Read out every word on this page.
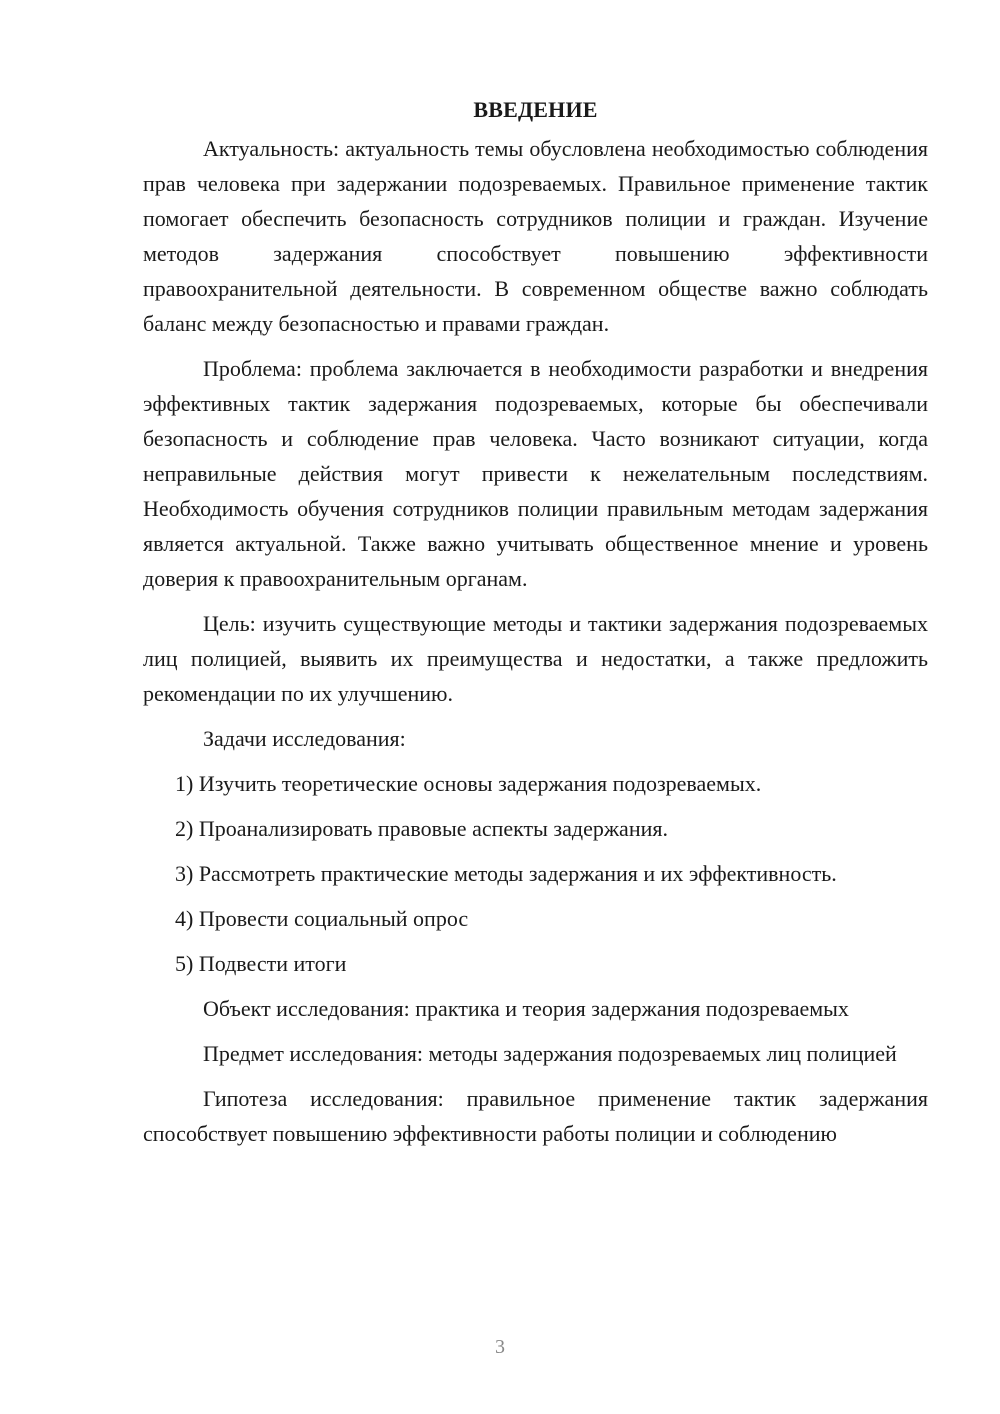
ВВЕДЕНИЕ

Актуальность: актуальность темы обусловлена необходимостью соблюдения прав человека при задержании подозреваемых. Правильное применение тактик помогает обеспечить безопасность сотрудников полиции и граждан. Изучение методов задержания способствует повышению эффективности правоохранительной деятельности. В современном обществе важно соблюдать баланс между безопасностью и правами граждан.

Проблема: проблема заключается в необходимости разработки и внедрения эффективных тактик задержания подозреваемых, которые бы обеспечивали безопасность и соблюдение прав человека. Часто возникают ситуации, когда неправильные действия могут привести к нежелательным последствиям. Необходимость обучения сотрудников полиции правильным методам задержания является актуальной. Также важно учитывать общественное мнение и уровень доверия к правоохранительным органам.

Цель: изучить существующие методы и тактики задержания подозреваемых лиц полицией, выявить их преимущества и недостатки, а также предложить рекомендации по их улучшению.

Задачи исследования:

1) Изучить теоретические основы задержания подозреваемых.
2) Проанализировать правовые аспекты задержания.
3) Рассмотреть практические методы задержания и их эффективность.
4) Провести социальный опрос
5) Подвести итоги

Объект исследования: практика и теория задержания подозреваемых

Предмет исследования: методы задержания подозреваемых лиц полицией

Гипотеза исследования: правильное применение тактик задержания способствует повышению эффективности работы полиции и соблюдению

3
